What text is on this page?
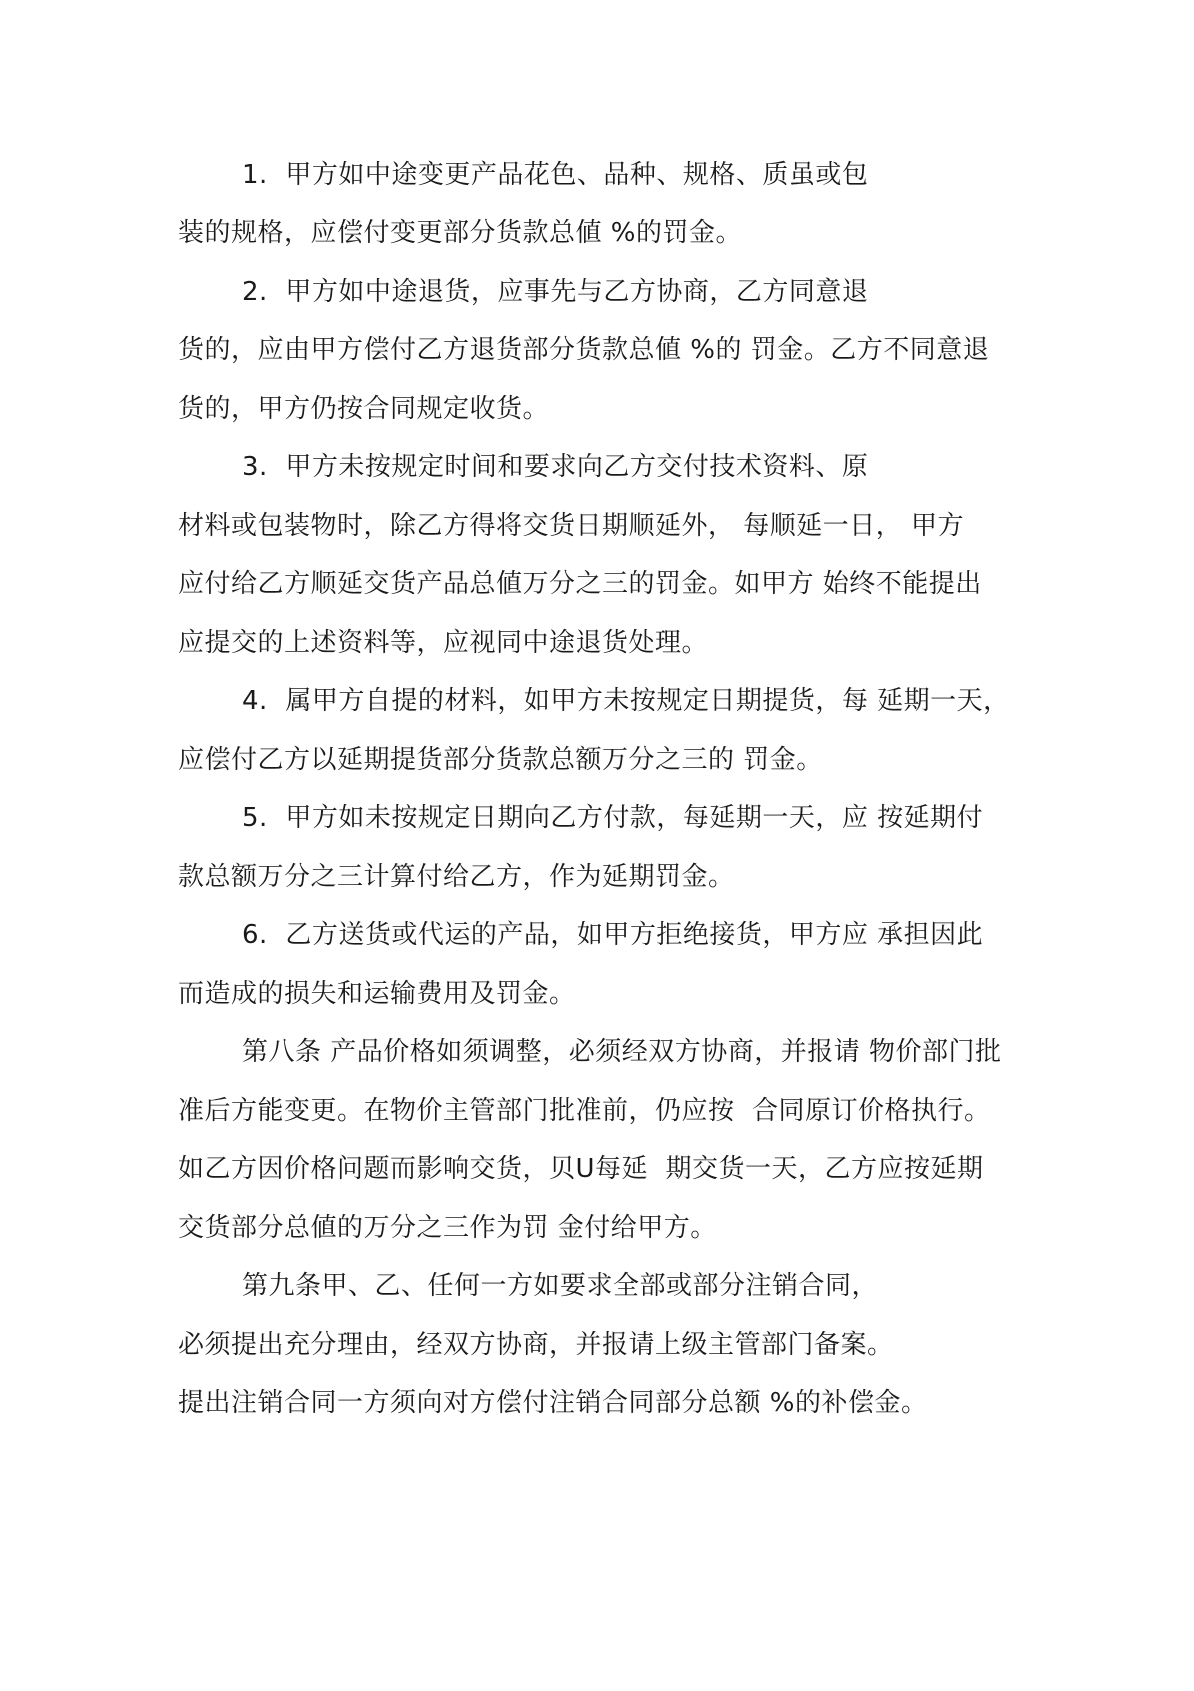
1.  甲方如中途变更产品花色、品种、规格、质虽或包
装的规格，应偿付变更部分货款总値 %的罚金。
2.  甲方如中途退货，应事先与乙方协商，乙方同意退
货的，应由甲方偿付乙方退货部分货款总値 %的 罚金。乙方不同意退
货的，甲方仍按合同规定收货。
3.  甲方未按规定时间和要求向乙方交付技术资料、原
材料或包装物时，除乙方得将交货日期顺延外， 每顺延一日， 甲方
应付给乙方顺延交货产品总値万分之三的罚金。如甲方 始终不能提出
应提交的上述资料等，应视同中途退货处理。
4.  属甲方自提的材料，如甲方未按规定日期提货，每 延期一天，
应偿付乙方以延期提货部分货款总额万分之三的 罚金。
5.  甲方如未按规定日期向乙方付款，每延期一天，应 按延期付
款总额万分之三计算付给乙方，作为延期罚金。
6.  乙方送货或代运的产品，如甲方拒绝接货，甲方应 承担因此
而造成的损失和运输费用及罚金。
第八条 产品价格如须调整，必须经双方协商，并报请 物价部门批
准后方能变更。在物价主管部门批准前，仍应按  合同原订价格执行。
如乙方因价格问题而影响交货，贝U每延  期交货一天，乙方应按延期
交货部分总値的万分之三作为罚 金付给甲方。
第九条甲、乙、任何一方如要求全部或部分注销合同，
必须提出充分理由，经双方协商，并报请上级主管部门备案。
提出注销合同一方须向对方偿付注销合同部分总额 %的补偿金。
